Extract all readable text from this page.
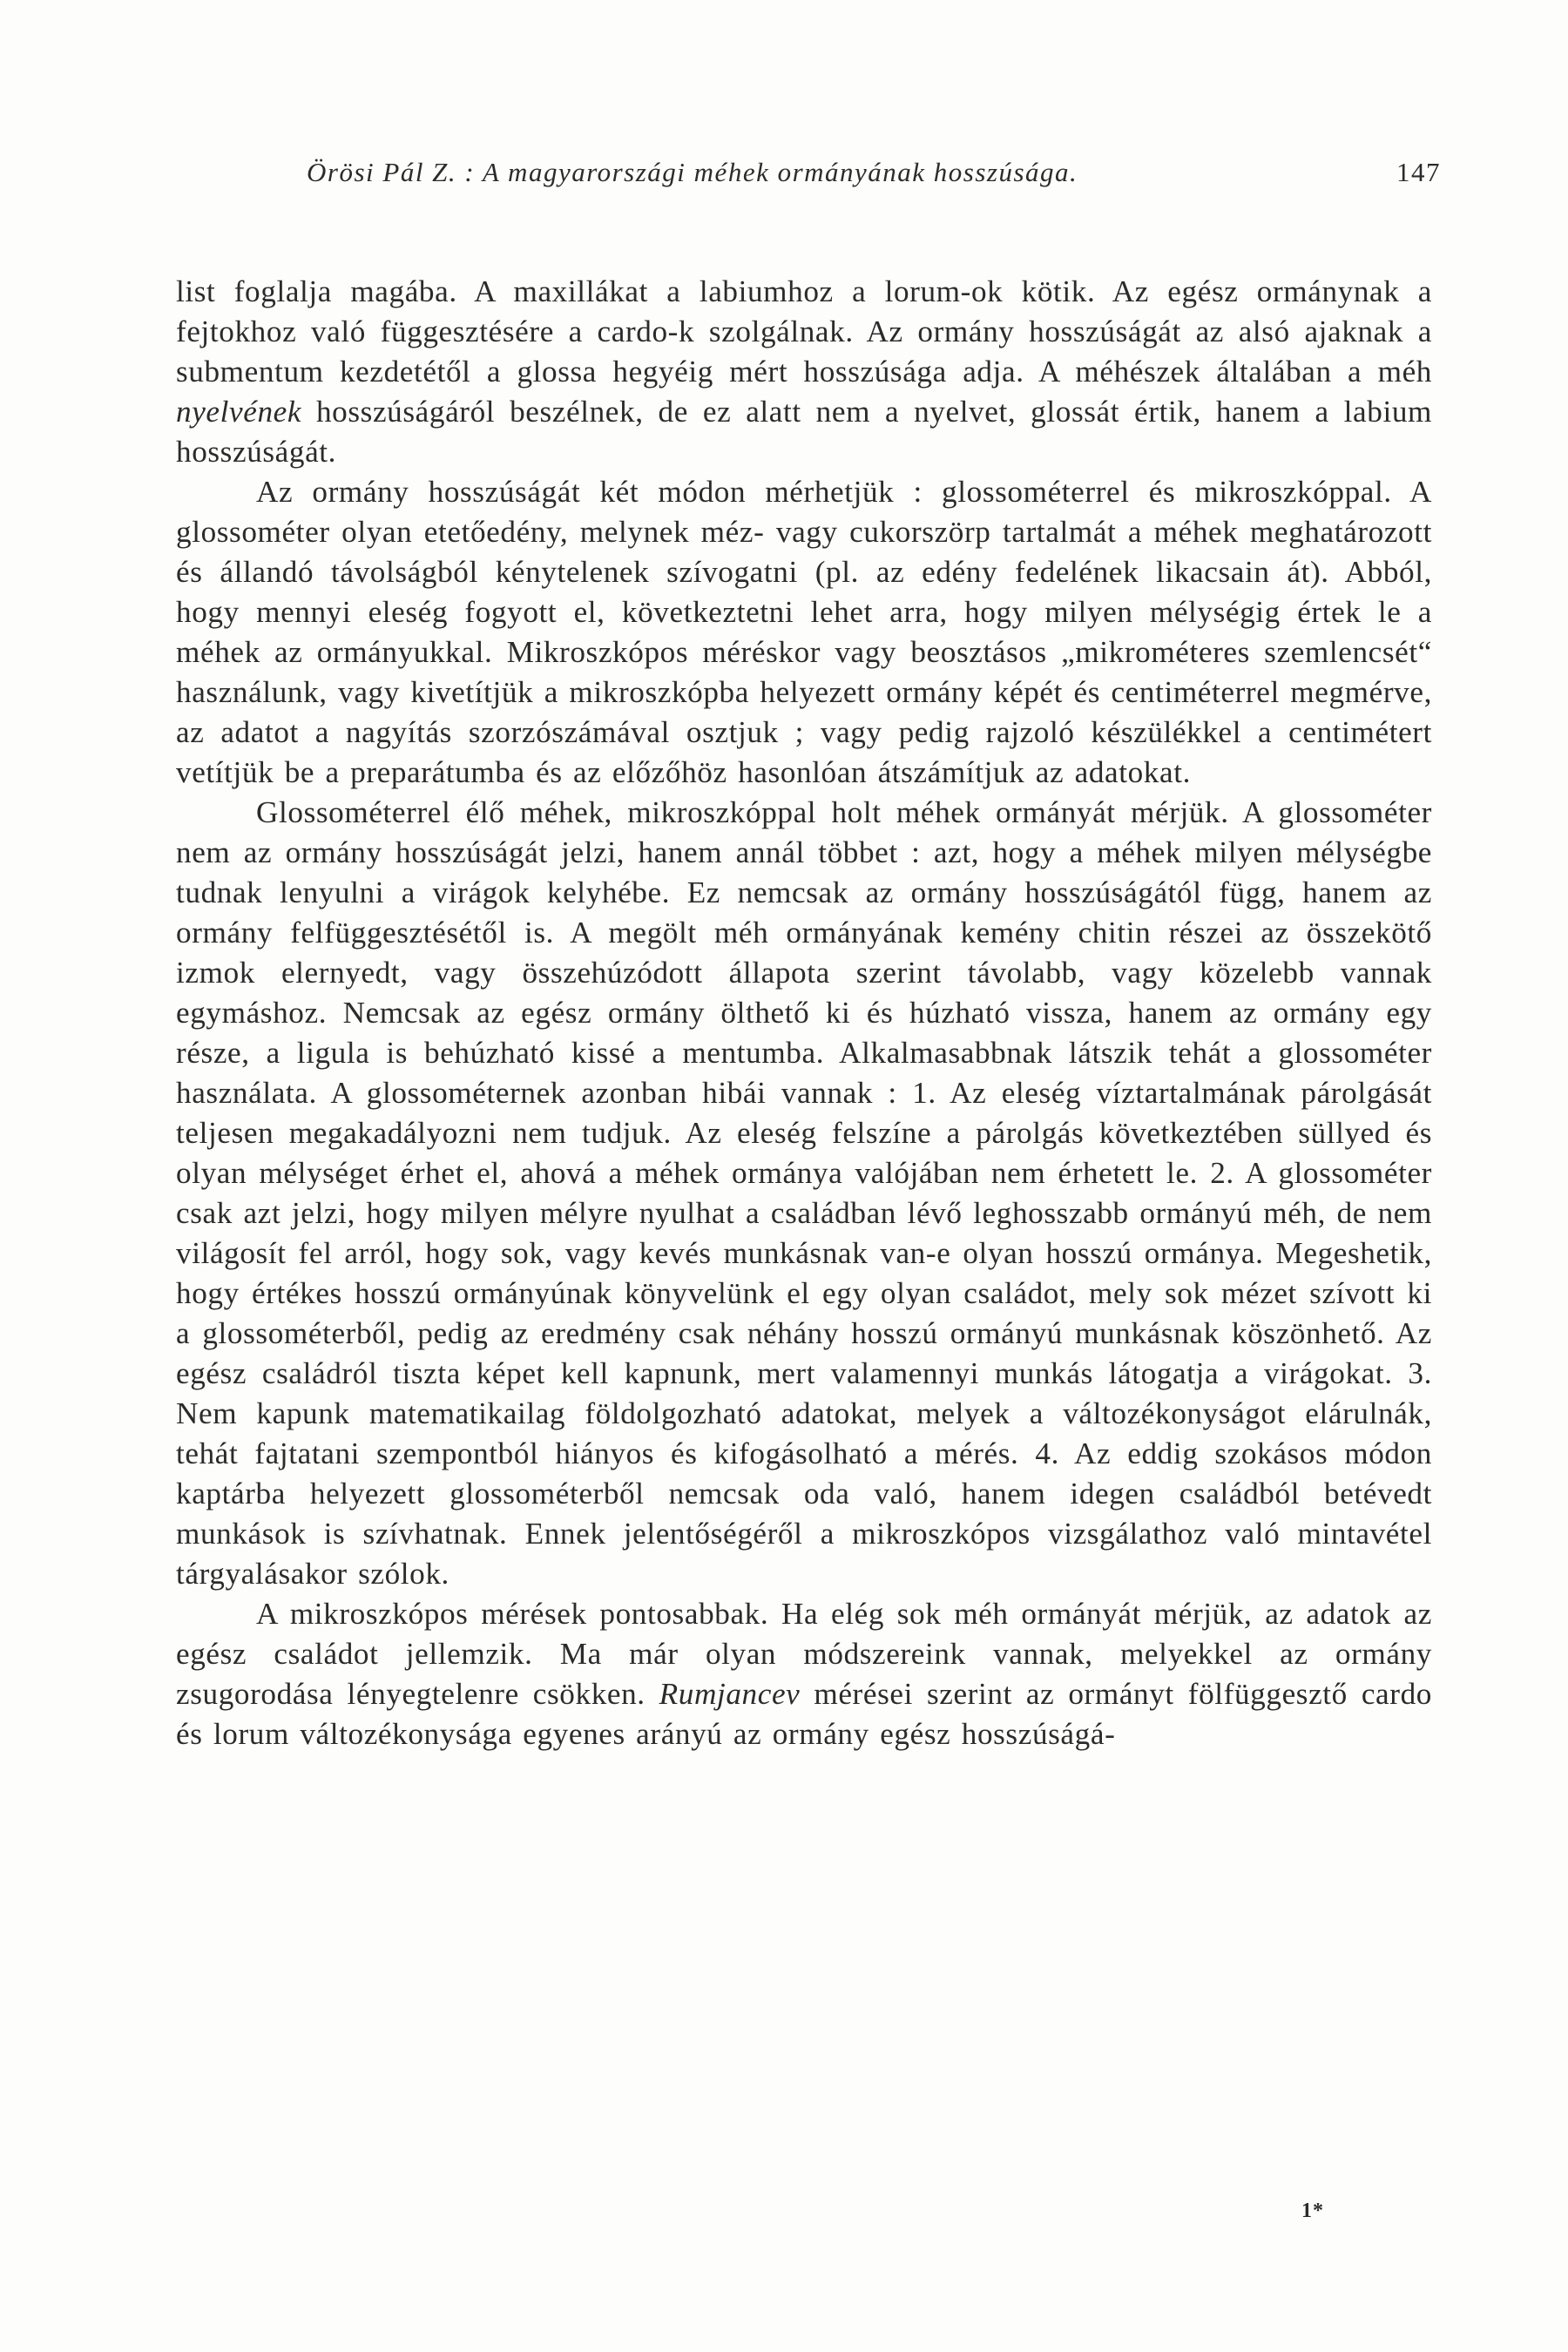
Örösi Pál Z. : A magyarországi méhek ormányának hosszúsága.	147

list foglalja magába. A maxillákat a labiumhoz a lorum-ok kötik. Az egész ormánynak a fejtokhoz való függesztésére a cardo-k szolgálnak. Az ormány hosszúságát az alsó ajaknak a submentum kezdetétől a glossa hegyéig mért hosszúsága adja. A méhészek általában a méh nyelvének hosszúságáról beszélnek, de ez alatt nem a nyelvet, glossát értik, hanem a labium hosszúságát.

Az ormány hosszúságát két módon mérhetjük : glossométerrel és mikroszkóppal. A glossométer olyan etetőedény, melynek méz- vagy cukorszörp tartalmát a méhek meghatározott és állandó távolságból kénytelenek szívogatni (pl. az edény fedelének likacsain át). Abból, hogy mennyi eleség fogyott el, következtetni lehet arra, hogy milyen mélységig értek le a méhek az ormányukkal. Mikroszkópos méréskor vagy beosztásos „mikrométeres szemlencsét“ használunk, vagy kivetítjük a mikroszkópba helyezett ormány képét és centiméterrel megmérve, az adatot a nagyítás szorzószámával osztjuk ; vagy pedig rajzoló készülékkel a centimétert vetítjük be a preparátumba és az előzőhöz hasonlóan átszámítjuk az adatokat.

Glossométerrel élő méhek, mikroszkóppal holt méhek ormányát mérjük. A glossométer nem az ormány hosszúságát jelzi, hanem annál többet : azt, hogy a méhek milyen mélységbe tudnak lenyulni a virágok kelyhébe. Ez nemcsak az ormány hosszúságától függ, hanem az ormány felfüggesztésétől is. A megölt méh ormányának kemény chitin részei az összekötő izmok elernyedt, vagy összehúzódott állapota szerint távolabb, vagy közelebb vannak egymáshoz. Nemcsak az egész ormány ölthető ki és húzható vissza, hanem az ormány egy része, a ligula is behúzható kissé a mentumba. Alkalmasabbnak látszik tehát a glossométer használata. A glossométernek azonban hibái vannak : 1. Az eleség víztartalmának párolgását teljesen megakadályozni nem tudjuk. Az eleség felszíne a párolgás következtében süllyed és olyan mélységet érhet el, ahová a méhek ormánya valójában nem érhetett le. 2. A glossométer csak azt jelzi, hogy milyen mélyre nyulhat a családban lévő leghosszabb ormányú méh, de nem világosít fel arról, hogy sok, vagy kevés munkásnak van-e olyan hosszú ormánya. Megeshetik, hogy értékes hosszú ormányúnak könyvelünk el egy olyan családot, mely sok mézet szívott ki a glossométerből, pedig az eredmény csak néhány hosszú ormányú munkásnak köszönhető. Az egész családról tiszta képet kell kapnunk, mert valamennyi munkás látogatja a virágokat. 3. Nem kapunk matematikailag földolgozható adatokat, melyek a változékonyságot elárulnák, tehát fajtatani szempontból hiányos és kifogásolható a mérés. 4. Az eddig szokásos módon kaptárba helyezett glossométerből nemcsak oda való, hanem idegen családból betévedt munkások is szívhatnak. Ennek jelentőségéről a mikroszkópos vizsgálathoz való mintavétel tárgyalásakor szólok.

A mikroszkópos mérések pontosabbak. Ha elég sok méh ormányát mérjük, az adatok az egész családot jellemzik. Ma már olyan módszereink vannak, melyekkel az ormány zsugorodása lényegtelenre csökken. Rumjancev mérései szerint az ormányt fölfüggesztő cardo és lorum változékonysága egyenes arányú az ormány egész hosszúságá-

1*
